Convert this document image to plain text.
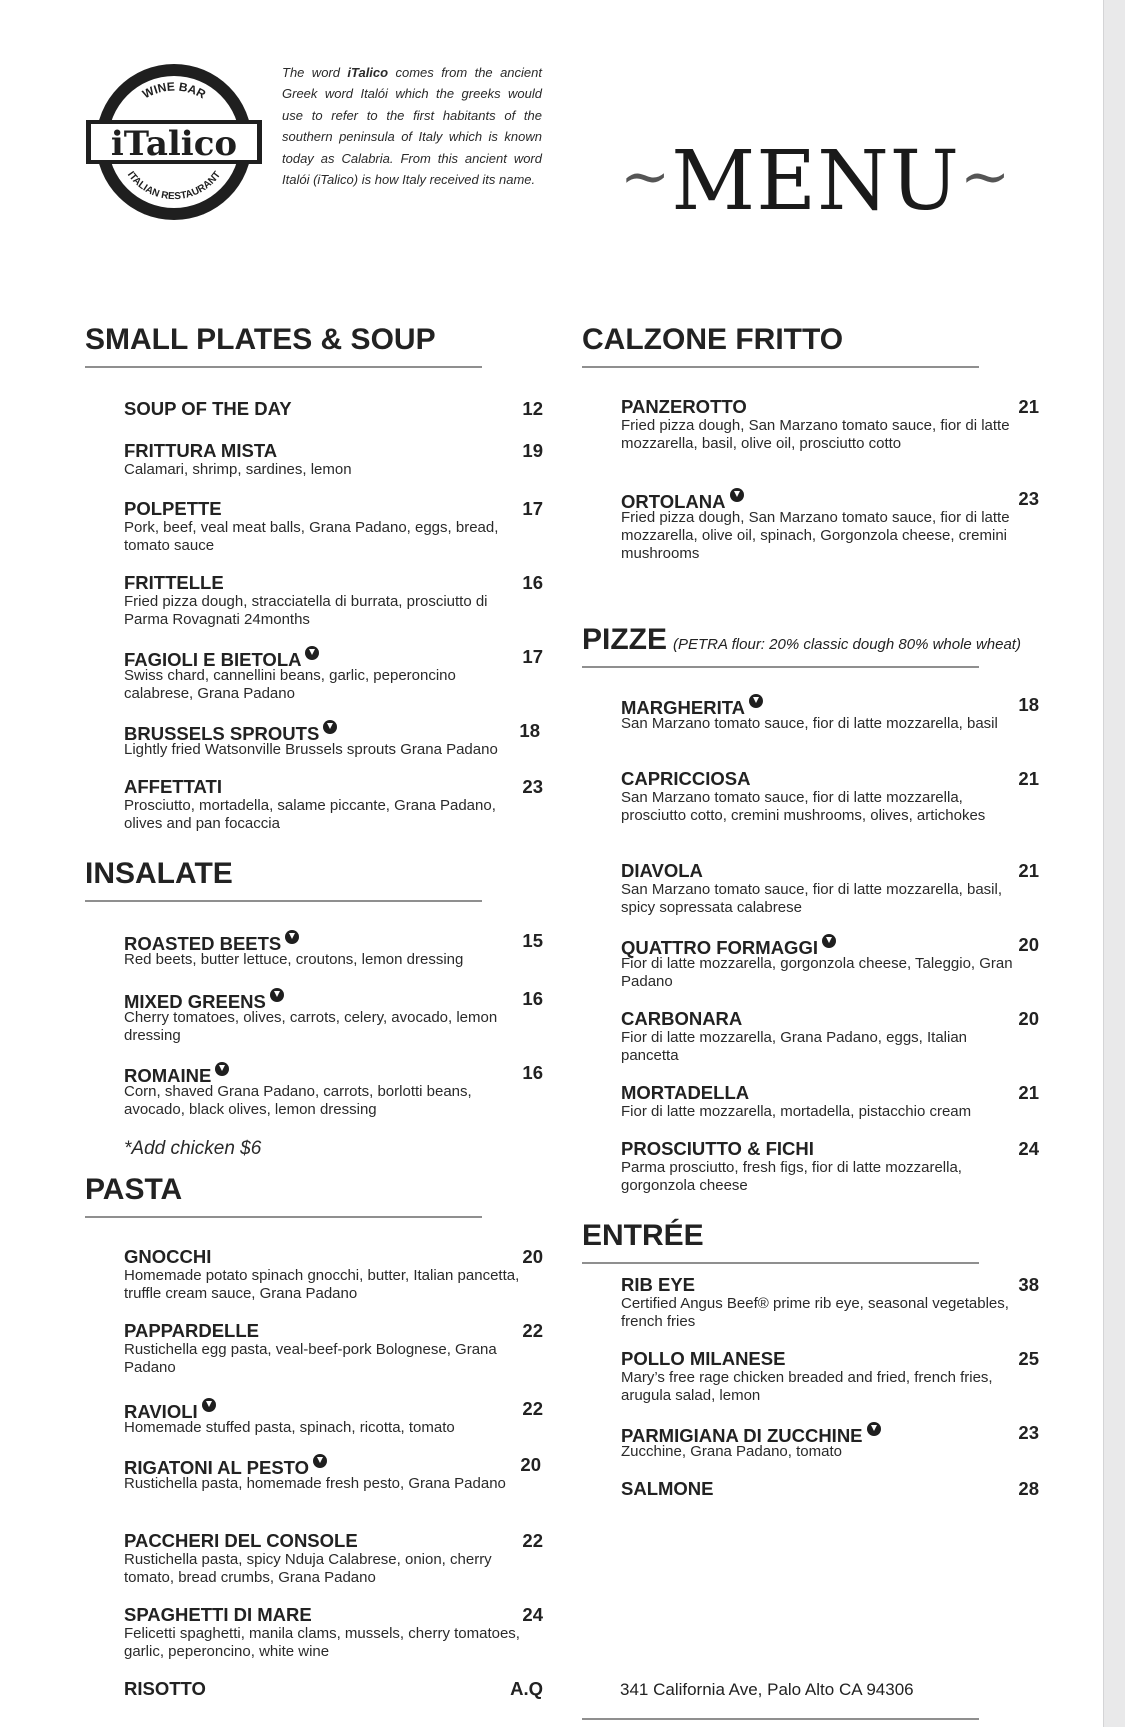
WINE BAR
ITALIAN RESTAURANT
iTalico
The word iTalico comes from the ancient Greek word Italói which the greeks would use to refer to the first habitants of the southern peninsula of Italy which is known today as Calabria. From this ancient word Italói (iTalico) is how Italy received its name. ~MENU~
SMALL PLATES & SOUP
SOUP OF THE DAY	12
FRITTURA MISTA	19
Calamari, shrimp, sardines, lemon
POLPETTE	17
Pork, beef, veal meat balls, Grana Padano, eggs, bread, tomato sauce
FRITTELLE	16
Fried pizza dough, stracciatella di burrata, prosciutto di Parma Rovagnati 24months
FAGIOLI E BIETOLA	17
Swiss chard, cannellini beans, garlic, peperoncino calabrese, Grana Padano
BRUSSELS SPROUTS	18
Lightly fried Watsonville Brussels sprouts Grana Padano
AFFETTATI	23
Prosciutto, mortadella, salame piccante, Grana Padano, olives and pan focaccia
INSALATE
ROASTED BEETS	15
Red beets, butter lettuce, croutons, lemon dressing
MIXED GREENS	16
Cherry tomatoes, olives, carrots, celery, avocado, lemon dressing
ROMAINE	16
Corn, shaved Grana Padano, carrots, borlotti beans, avocado, black olives, lemon dressing
*Add chicken $6
PASTA
GNOCCHI	20
Homemade potato spinach gnocchi, butter, Italian pancetta, truffle cream sauce, Grana Padano
PAPPARDELLE	22
Rustichella egg pasta, veal-beef-pork Bolognese, Grana Padano
RAVIOLI	22
Homemade stuffed pasta, spinach, ricotta, tomato
RIGATONI AL PESTO	20
Rustichella pasta, homemade fresh pesto, Grana Padano
PACCHERI DEL CONSOLE	22
Rustichella pasta, spicy Nduja Calabrese, onion, cherry tomato, bread crumbs, Grana Padano
SPAGHETTI DI MARE	24
Felicetti spaghetti, manila clams, mussels, cherry tomatoes, garlic, peperoncino, white wine
RISOTTO	A.Q
CALZONE FRITTO
PANZEROTTO	21
Fried pizza dough, San Marzano tomato sauce, fior di latte mozzarella, basil, olive oil, prosciutto cotto
ORTOLANA	23
Fried pizza dough, San Marzano tomato sauce, fior di latte mozzarella, olive oil, spinach, Gorgonzola cheese, cremini mushrooms
PIZZE (PETRA flour: 20% classic dough 80% whole wheat)
MARGHERITA	18
San Marzano tomato sauce, fior di latte mozzarella, basil
CAPRICCIOSA	21
San Marzano tomato sauce, fior di latte mozzarella, prosciutto cotto, cremini mushrooms, olives, artichokes
DIAVOLA	21
San Marzano tomato sauce, fior di latte mozzarella, basil, spicy sopressata calabrese
QUATTRO FORMAGGI	20
Fior di latte mozzarella, gorgonzola cheese, Taleggio, Gran Padano
CARBONARA	20
Fior di latte mozzarella, Grana Padano, eggs, Italian pancetta
MORTADELLA	21
Fior di latte mozzarella, mortadella, pistacchio cream
PROSCIUTTO & FICHI	24
Parma prosciutto, fresh figs, fior di latte mozzarella, gorgonzola cheese
ENTRÉE
RIB EYE	38
Certified Angus Beef® prime rib eye, seasonal vegetables, french fries
POLLO MILANESE	25
Mary’s free rage chicken breaded and fried, french fries, arugula salad, lemon
PARMIGIANA DI ZUCCHINE	23
Zucchine, Grana Padano, tomato
SALMONE	28
341 California Ave, Palo Alto CA 94306
